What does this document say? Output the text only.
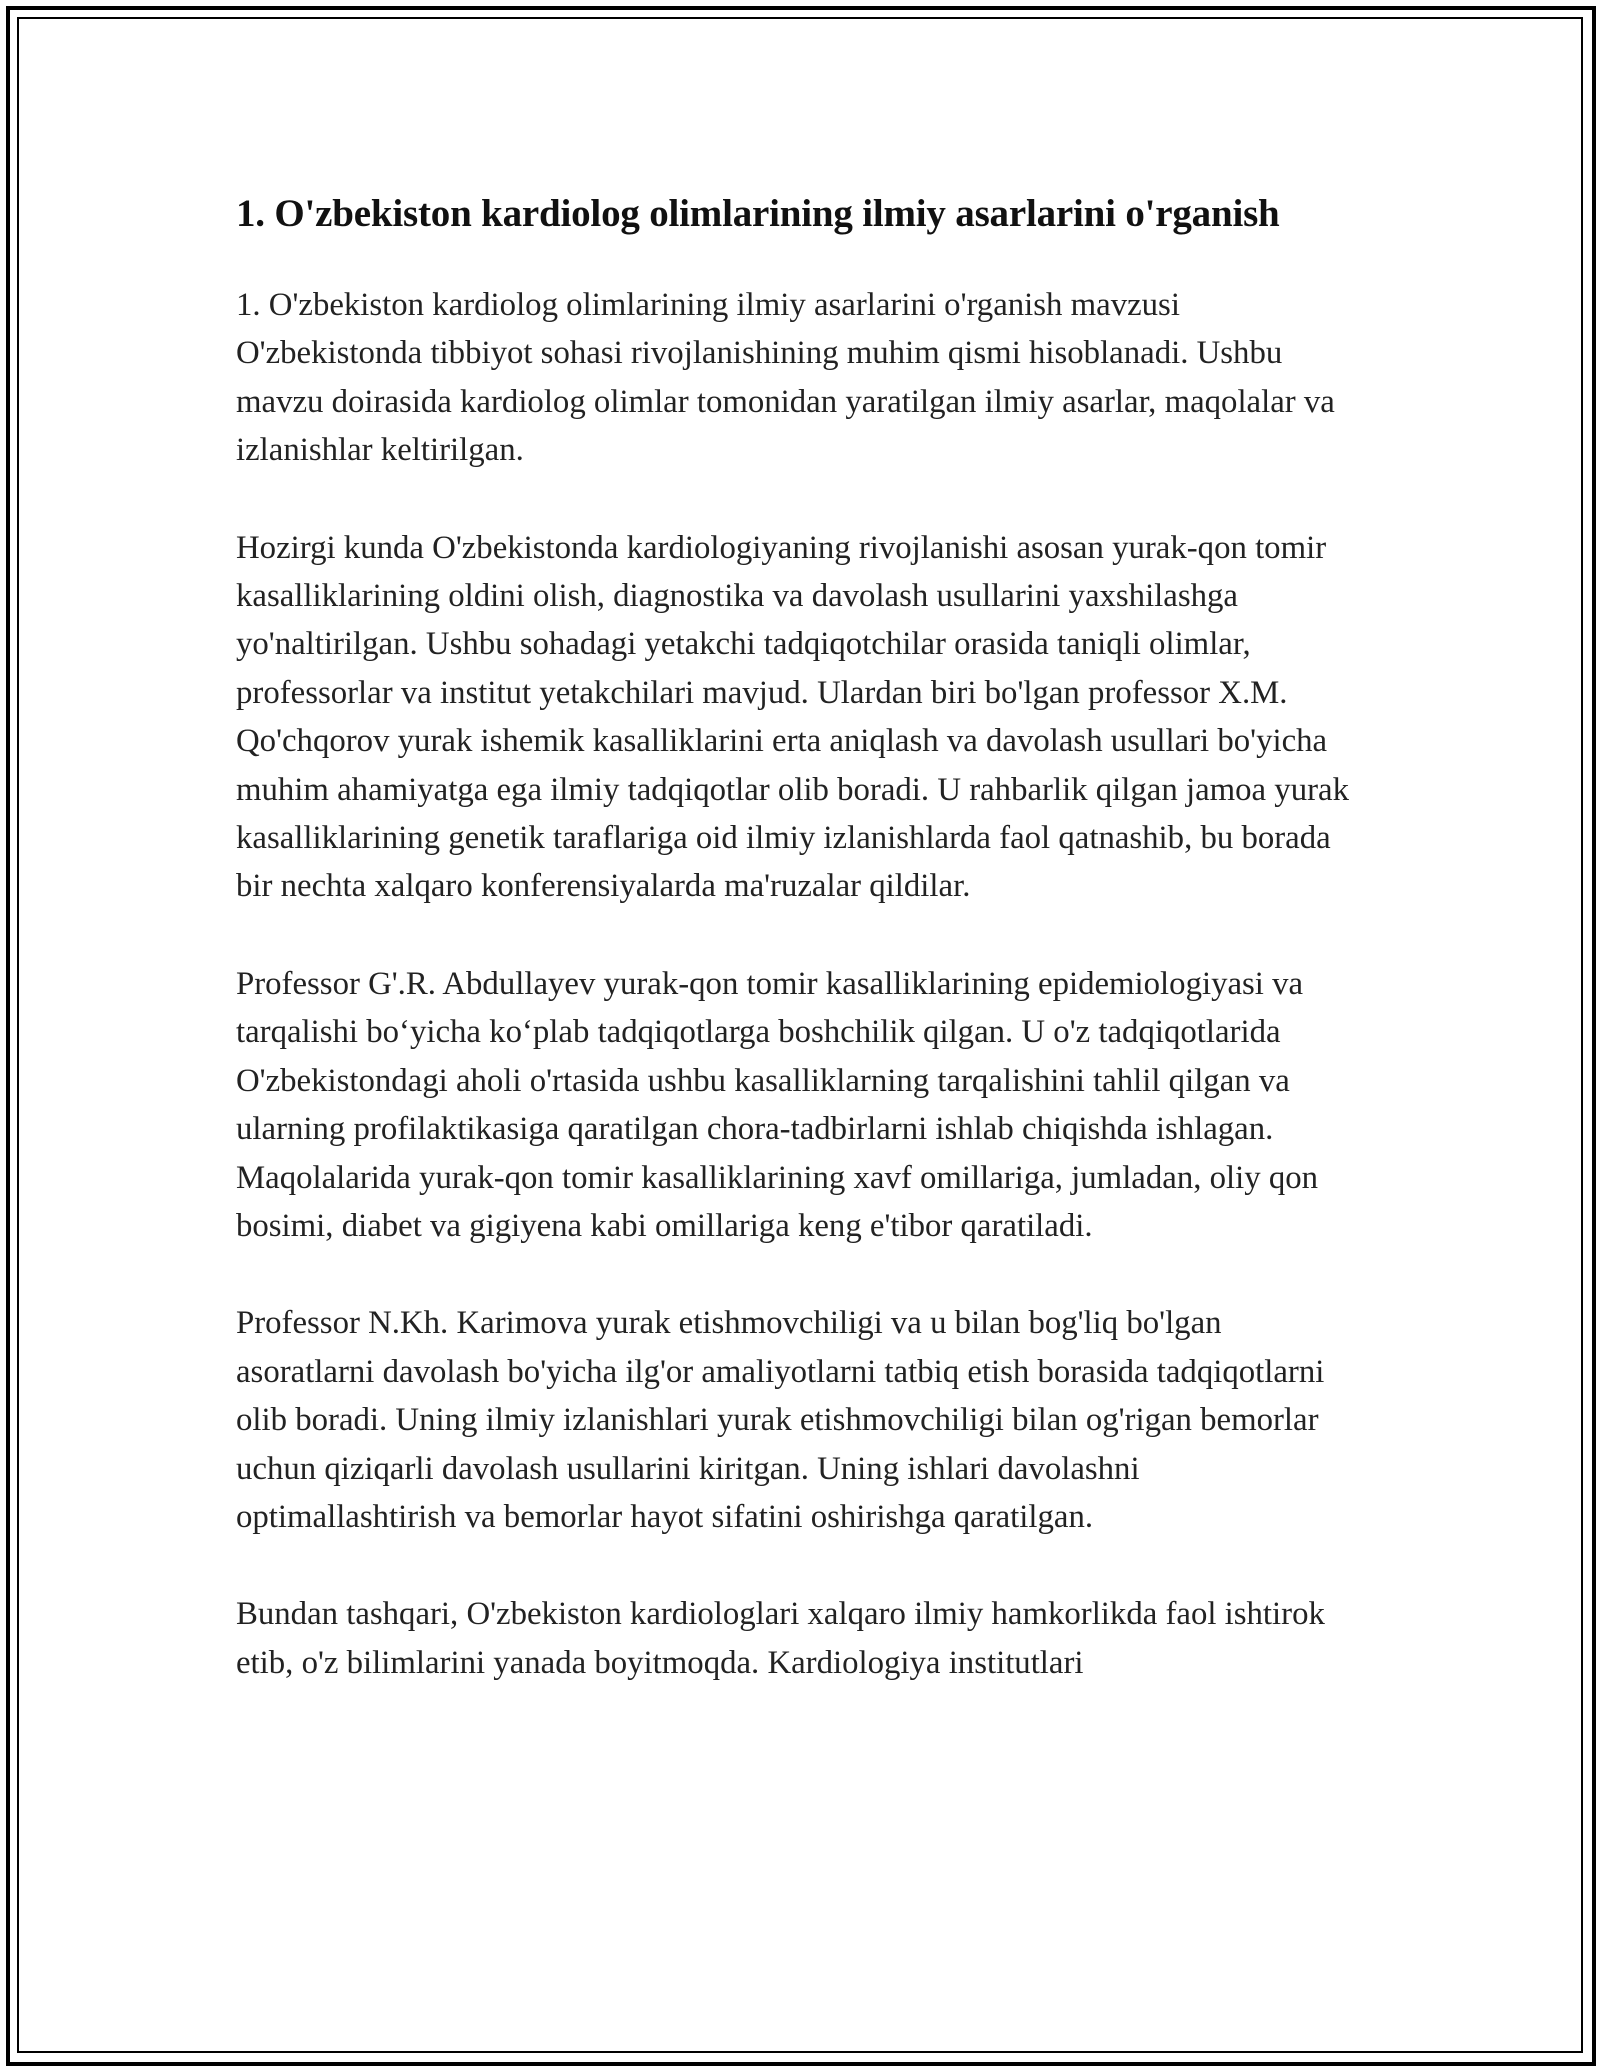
1. O'zbekiston kardiolog olimlarining ilmiy asarlarini o'rganish

1. O'zbekiston kardiolog olimlarining ilmiy asarlarini o'rganish mavzusi O'zbekistonda tibbiyot sohasi rivojlanishining muhim qismi hisoblanadi. Ushbu mavzu doirasida kardiolog olimlar tomonidan yaratilgan ilmiy asarlar, maqolalar va izlanishlar keltirilgan.

Hozirgi kunda O'zbekistonda kardiologiyaning rivojlanishi asosan yurak-qon tomir kasalliklarining oldini olish, diagnostika va davolash usullarini yaxshilashga yo'naltirilgan. Ushbu sohadagi yetakchi tadqiqotchilar orasida taniqli olimlar, professorlar va institut yetakchilari mavjud. Ulardan biri bo'lgan professor X.M. Qo'chqorov yurak ishemik kasalliklarini erta aniqlash va davolash usullari bo'yicha muhim ahamiyatga ega ilmiy tadqiqotlar olib boradi. U rahbarlik qilgan jamoa yurak kasalliklarining genetik taraflariga oid ilmiy izlanishlarda faol qatnashib, bu borada bir nechta xalqaro konferensiyalarda ma'ruzalar qildilar.

Professor G'.R. Abdullayev yurak-qon tomir kasalliklarining epidemiologiyasi va tarqalishi bo‘yicha ko‘plab tadqiqotlarga boshchilik qilgan. U o'z tadqiqotlarida O'zbekistondagi aholi o'rtasida ushbu kasalliklarning tarqalishini tahlil qilgan va ularning profilaktikasiga qaratilgan chora-tadbirlarni ishlab chiqishda ishlagan. Maqolalarida yurak-qon tomir kasalliklarining xavf omillariga, jumladan, oliy qon bosimi, diabet va gigiyena kabi omillariga keng e'tibor qaratiladi.

Professor N.Kh. Karimova yurak etishmovchiligi va u bilan bog'liq bo'lgan asoratlarni davolash bo'yicha ilg'or amaliyotlarni tatbiq etish borasida tadqiqotlarni olib boradi. Uning ilmiy izlanishlari yurak etishmovchiligi bilan og'rigan bemorlar uchun qiziqarli davolash usullarini kiritgan. Uning ishlari davolashni optimallashtirish va bemorlar hayot sifatini oshirishga qaratilgan.

Bundan tashqari, O'zbekiston kardiologlari xalqaro ilmiy hamkorlikda faol ishtirok etib, o'z bilimlarini yanada boyitmoqda. Kardiologiya institutlari
